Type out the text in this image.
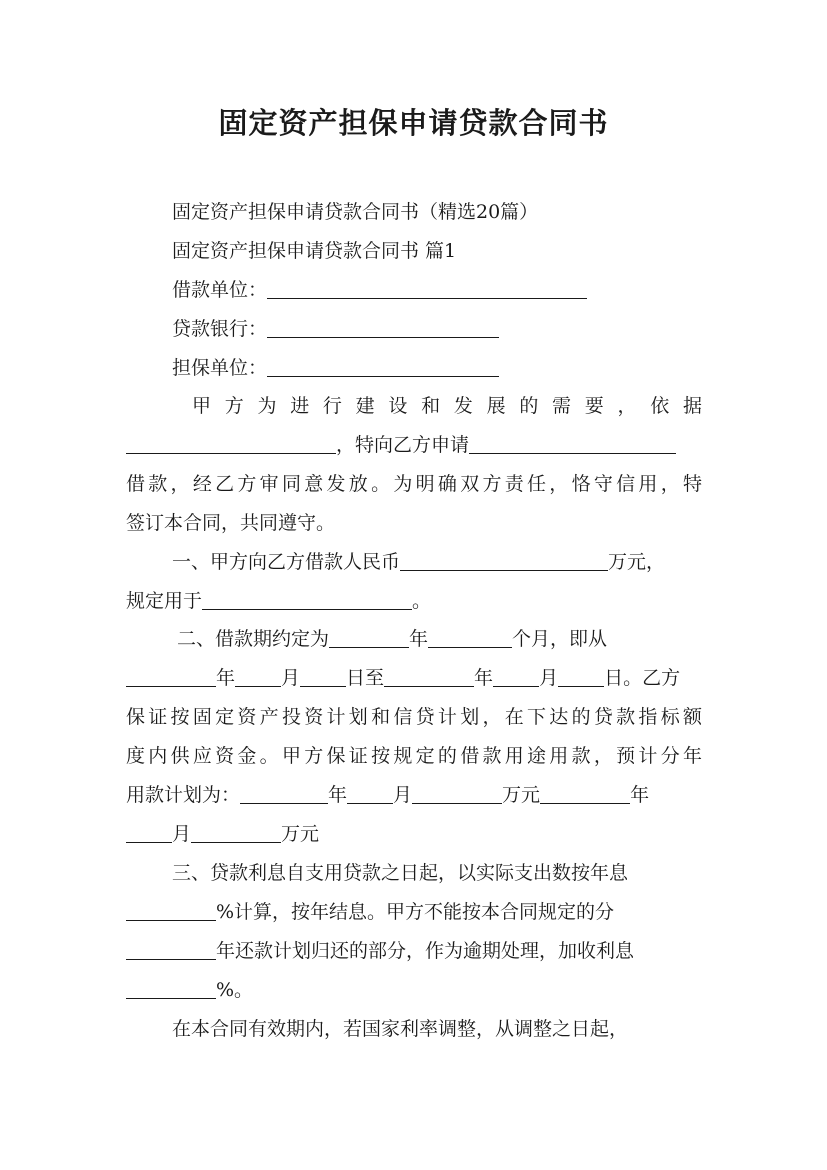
固定资产担保申请贷款合同书
固定资产担保申请贷款合同书（精选20篇）
固定资产担保申请贷款合同书 篇1
借款单位：
贷款银行：
担保单位：
甲方为进行建设和发展的需要，依据
，特向乙方申请
借款，经乙方审同意发放。为明确双方责任，恪守信用，特
签订本合同，共同遵守。
一、甲方向乙方借款人民币	万元，
规定用于	。
二、借款期约定为	年	个月，即从
年 月 日至	年 月 日。乙方
保证按固定资产投资计划和信贷计划，在下达的贷款指标额
度内供应资金。甲方保证按规定的借款用途用款，预计分年
用款计划为：	年 月	万元	年
月	万元
三、贷款利息自支用贷款之日起，以实际支出数按年息
%计算，按年结息。甲方不能按本合同规定的分
年还款计划归还的部分，作为逾期处理，加收利息
%。
在本合同有效期内，若国家利率调整，从调整之日起，
